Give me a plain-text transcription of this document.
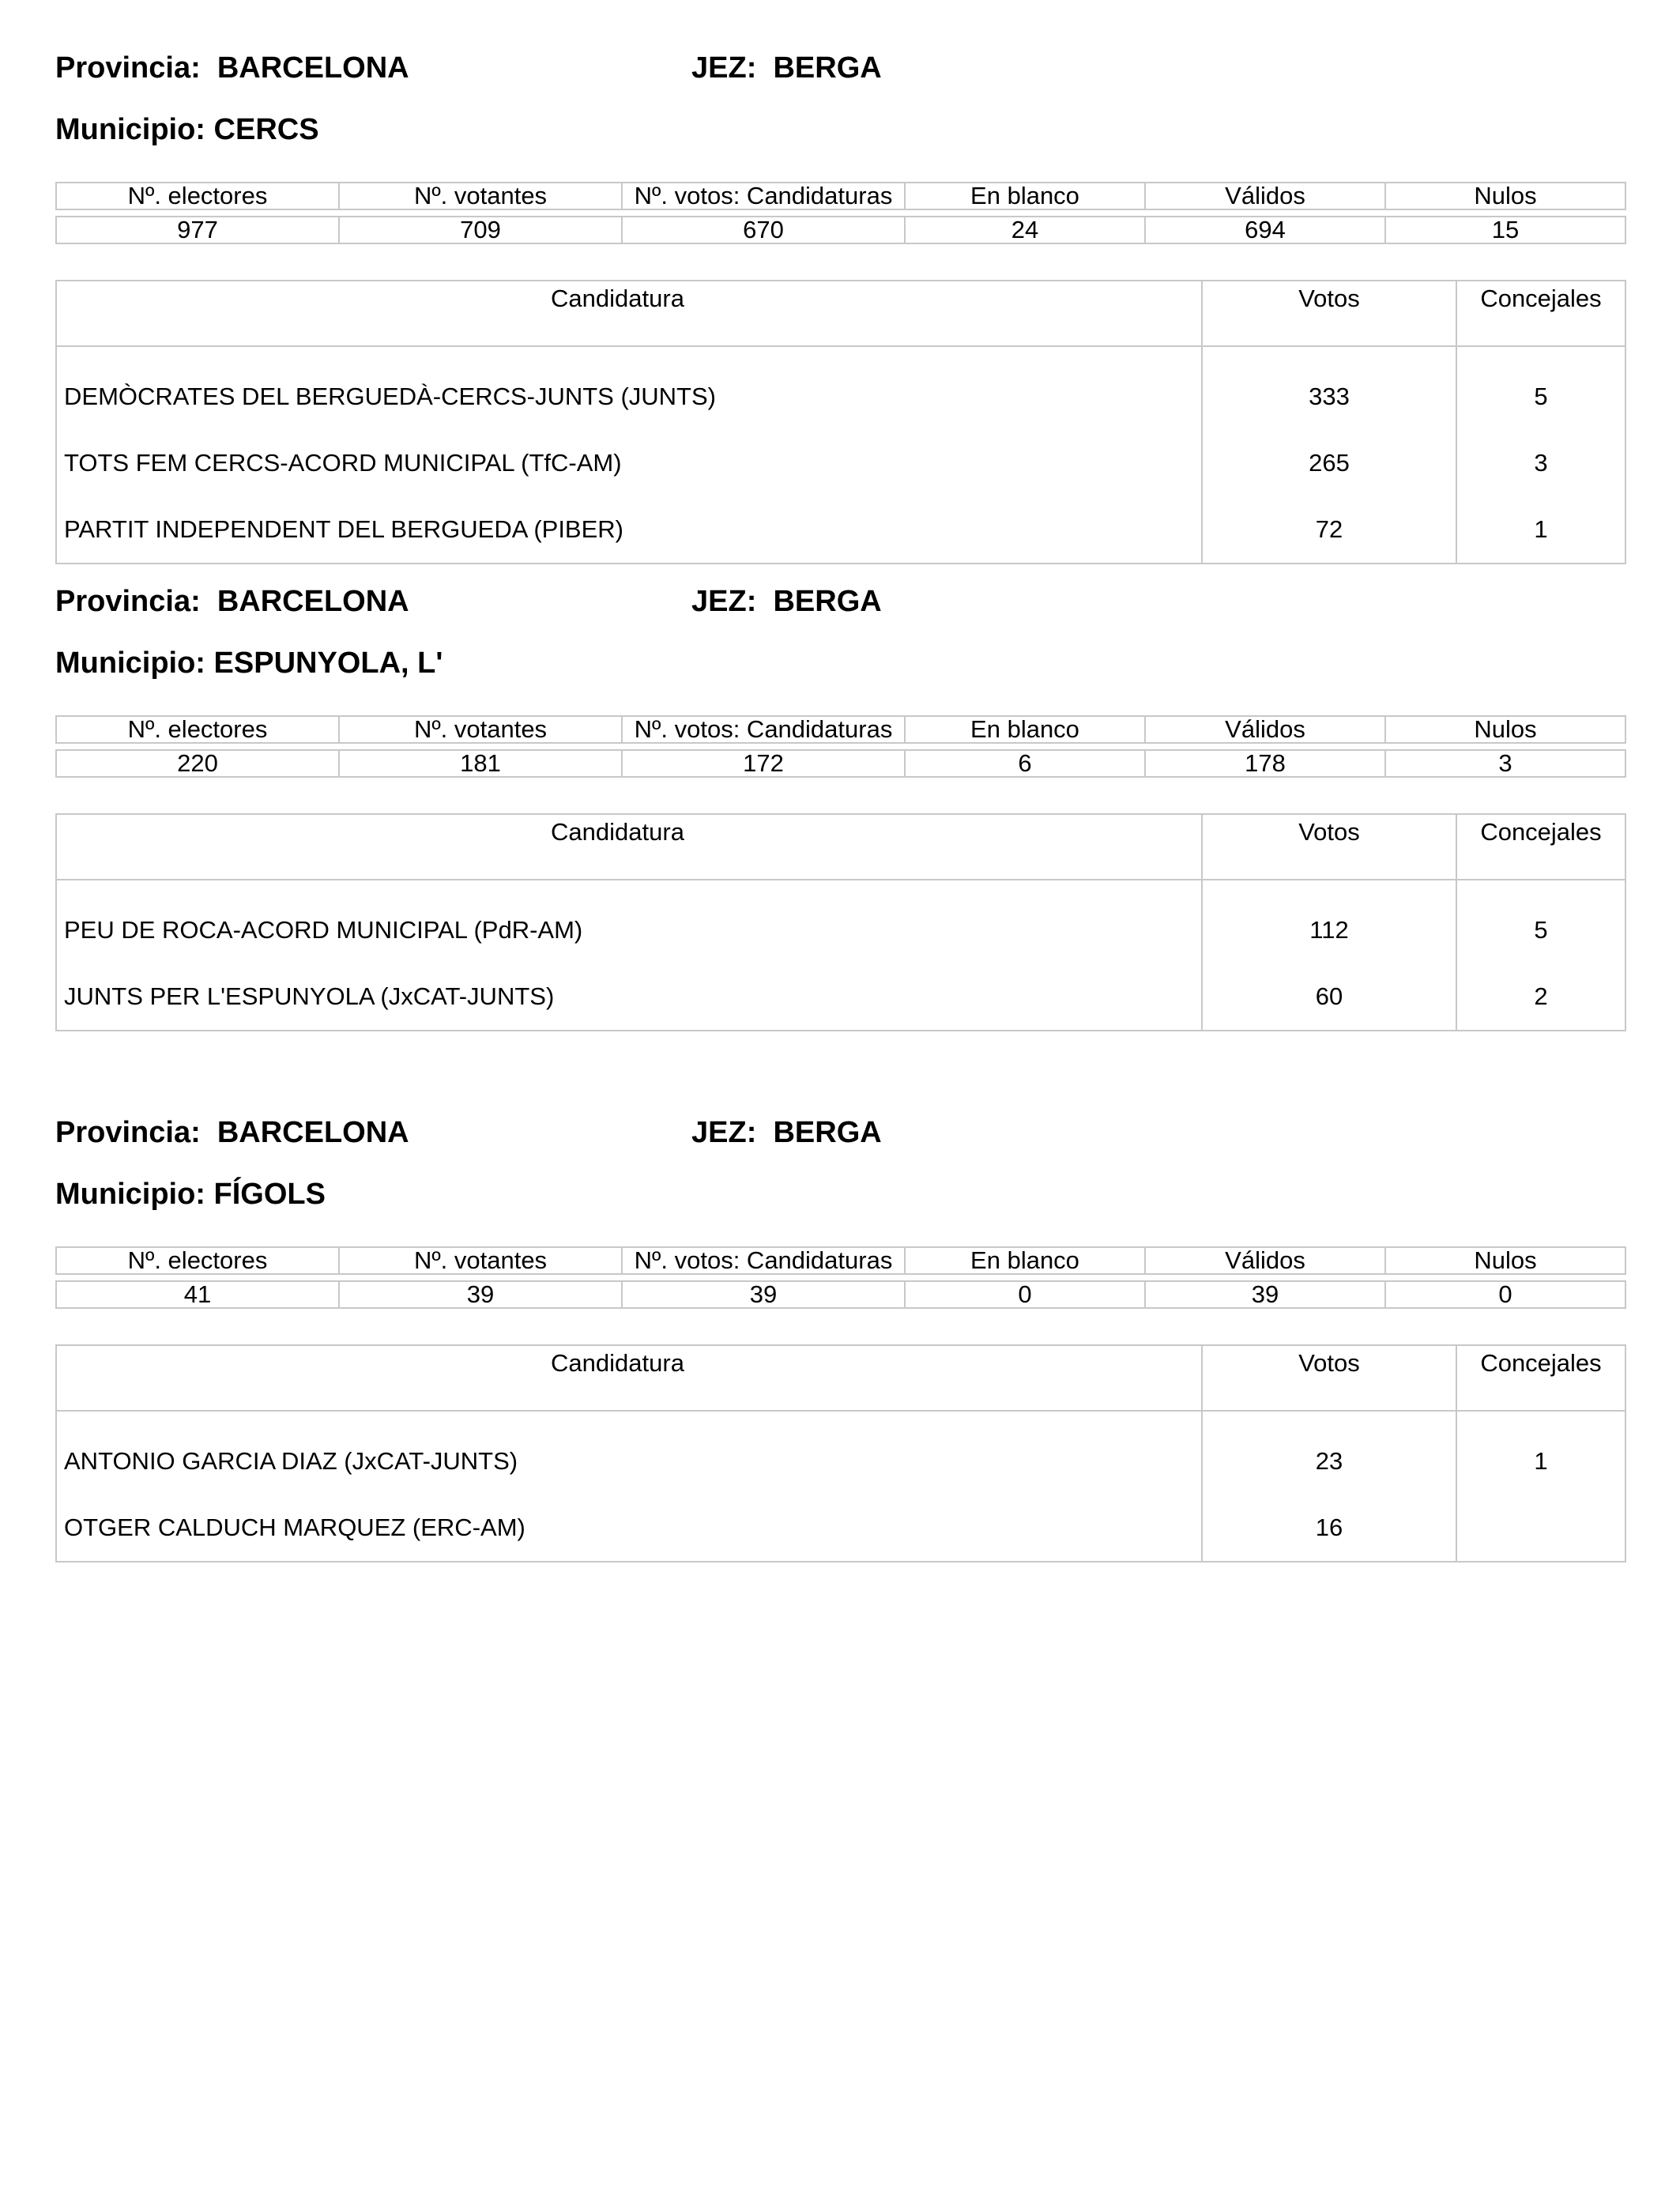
Provincia: BARCELONA	JEZ: BERGA
Municipio: CERCS
Nº. electores	Nº. votantes	Nº. votos: Candidaturas	En blanco	Válidos	Nulos

977	709	670	24	694	15
Candidatura	Votos	Concejales
DEMÒCRATES DEL BERGUEDÀ-CERCS-JUNTS (JUNTS)	333	5
TOTS FEM CERCS-ACORD MUNICIPAL (TfC-AM)	265	3
PARTIT INDEPENDENT DEL BERGUEDA (PIBER)	72	1
Provincia: BARCELONA	JEZ: BERGA
Municipio: ESPUNYOLA, L'
Nº. electores	Nº. votantes	Nº. votos: Candidaturas	En blanco	Válidos	Nulos

220	181	172	6	178	3
Candidatura	Votos	Concejales
PEU DE ROCA-ACORD MUNICIPAL (PdR-AM)	112	5
JUNTS PER L'ESPUNYOLA (JxCAT-JUNTS)	60	2
Provincia: BARCELONA	JEZ: BERGA
Municipio: FÍGOLS
Nº. electores	Nº. votantes	Nº. votos: Candidaturas	En blanco	Válidos	Nulos

41	39	39	0	39	0
Candidatura	Votos	Concejales
ANTONIO GARCIA DIAZ (JxCAT-JUNTS)	23	1
OTGER CALDUCH MARQUEZ (ERC-AM)	16	
